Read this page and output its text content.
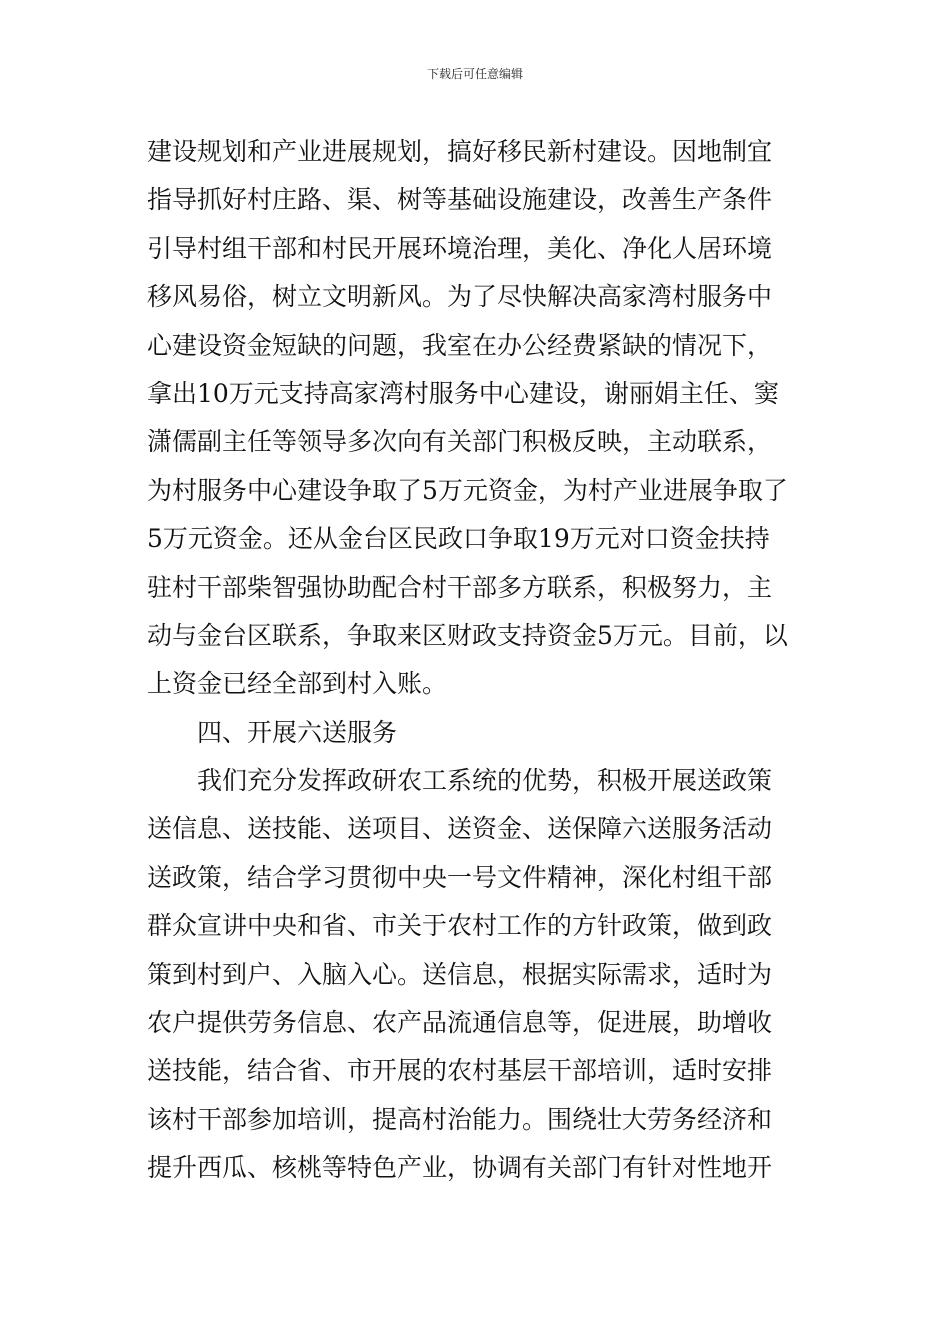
下载后可任意编辑
建设规划和产业进展规划，搞好移民新村建设。因地制宜
指导抓好村庄路、渠、树等基础设施建设，改善生产条件
引导村组干部和村民开展环境治理，美化、净化人居环境
移风易俗，树立文明新风。为了尽快解决高家湾村服务中
心建设资金短缺的问题，我室在办公经费紧缺的情况下，
拿出10万元支持高家湾村服务中心建设，谢丽娟主任、窦
潇儒副主任等领导多次向有关部门积极反映，主动联系，
为村服务中心建设争取了5万元资金，为村产业进展争取了
5万元资金。还从金台区民政口争取19万元对口资金扶持
驻村干部柴智强协助配合村干部多方联系，积极努力，主
动与金台区联系，争取来区财政支持资金5万元。目前，以
上资金已经全部到村入账。
四、开展六送服务
我们充分发挥政研农工系统的优势，积极开展送政策
送信息、送技能、送项目、送资金、送保障六送服务活动
送政策，结合学习贯彻中央一号文件精神，深化村组干部
群众宣讲中央和省、市关于农村工作的方针政策，做到政
策到村到户、入脑入心。送信息，根据实际需求，适时为
农户提供劳务信息、农产品流通信息等，促进展，助增收
送技能，结合省、市开展的农村基层干部培训，适时安排
该村干部参加培训，提高村治能力。围绕壮大劳务经济和
提升西瓜、核桃等特色产业，协调有关部门有针对性地开
